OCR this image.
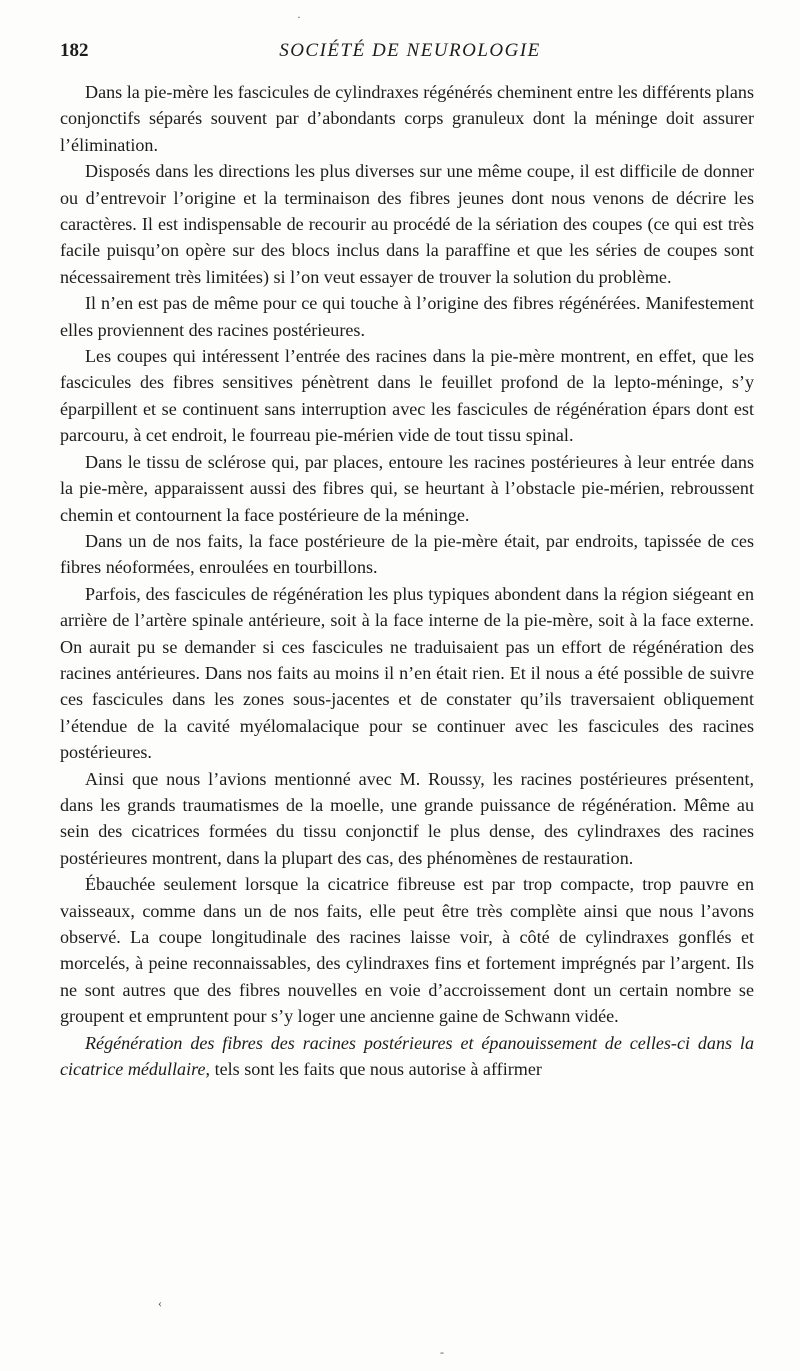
182	SOCIÉTÉ DE NEUROLOGIE

Dans la pie-mère les fascicules de cylindraxes régénérés cheminent entre les différents plans conjonctifs séparés souvent par d’abondants corps granuleux dont la méninge doit assurer l’élimination.

Disposés dans les directions les plus diverses sur une même coupe, il est difficile de donner ou d’entrevoir l’origine et la terminaison des fibres jeunes dont nous venons de décrire les caractères. Il est indispensable de recourir au procédé de la sériation des coupes (ce qui est très facile puisqu’on opère sur des blocs inclus dans la paraffine et que les séries de coupes sont nécessairement très limitées) si l’on veut essayer de trouver la solution du problème.

Il n’en est pas de même pour ce qui touche à l’origine des fibres régénérées. Manifestement elles proviennent des racines postérieures.

Les coupes qui intéressent l’entrée des racines dans la pie-mère montrent, en effet, que les fascicules des fibres sensitives pénètrent dans le feuillet profond de la lepto-méninge, s’y éparpillent et se continuent sans interruption avec les fascicules de régénération épars dont est parcouru, à cet endroit, le fourreau pie-mérien vide de tout tissu spinal.

Dans le tissu de sclérose qui, par places, entoure les racines postérieures à leur entrée dans la pie-mère, apparaissent aussi des fibres qui, se heurtant à l’obstacle pie-mérien, rebroussent chemin et contournent la face postérieure de la méninge.

Dans un de nos faits, la face postérieure de la pie-mère était, par endroits, tapissée de ces fibres néoformées, enroulées en tourbillons.

Parfois, des fascicules de régénération les plus typiques abondent dans la région siégeant en arrière de l’artère spinale antérieure, soit à la face interne de la pie-mère, soit à la face externe. On aurait pu se demander si ces fascicules ne traduisaient pas un effort de régénération des racines antérieures. Dans nos faits au moins il n’en était rien. Et il nous a été possible de suivre ces fascicules dans les zones sous-jacentes et de constater qu’ils traversaient obliquement l’étendue de la cavité myélomalacique pour se continuer avec les fascicules des racines postérieures.

Ainsi que nous l’avions mentionné avec M. Roussy, les racines postérieures présentent, dans les grands traumatismes de la moelle, une grande puissance de régénération. Même au sein des cicatrices formées du tissu conjonctif le plus dense, des cylindraxes des racines postérieures montrent, dans la plupart des cas, des phénomènes de restauration.

Ébauchée seulement lorsque la cicatrice fibreuse est par trop compacte, trop pauvre en vaisseaux, comme dans un de nos faits, elle peut être très complète ainsi que nous l’avons observé. La coupe longitudinale des racines laisse voir, à côté de cylindraxes gonflés et morcelés, à peine reconnaissables, des cylindraxes fins et fortement imprégnés par l’argent. Ils ne sont autres que des fibres nouvelles en voie d’accroissement dont un certain nombre se groupent et empruntent pour s’y loger une ancienne gaine de Schwann vidée.

Régénération des fibres des racines postérieures et épanouissement de celles-ci dans la cicatrice médullaire, tels sont les faits que nous autorise à affirmer

·
‹
-
